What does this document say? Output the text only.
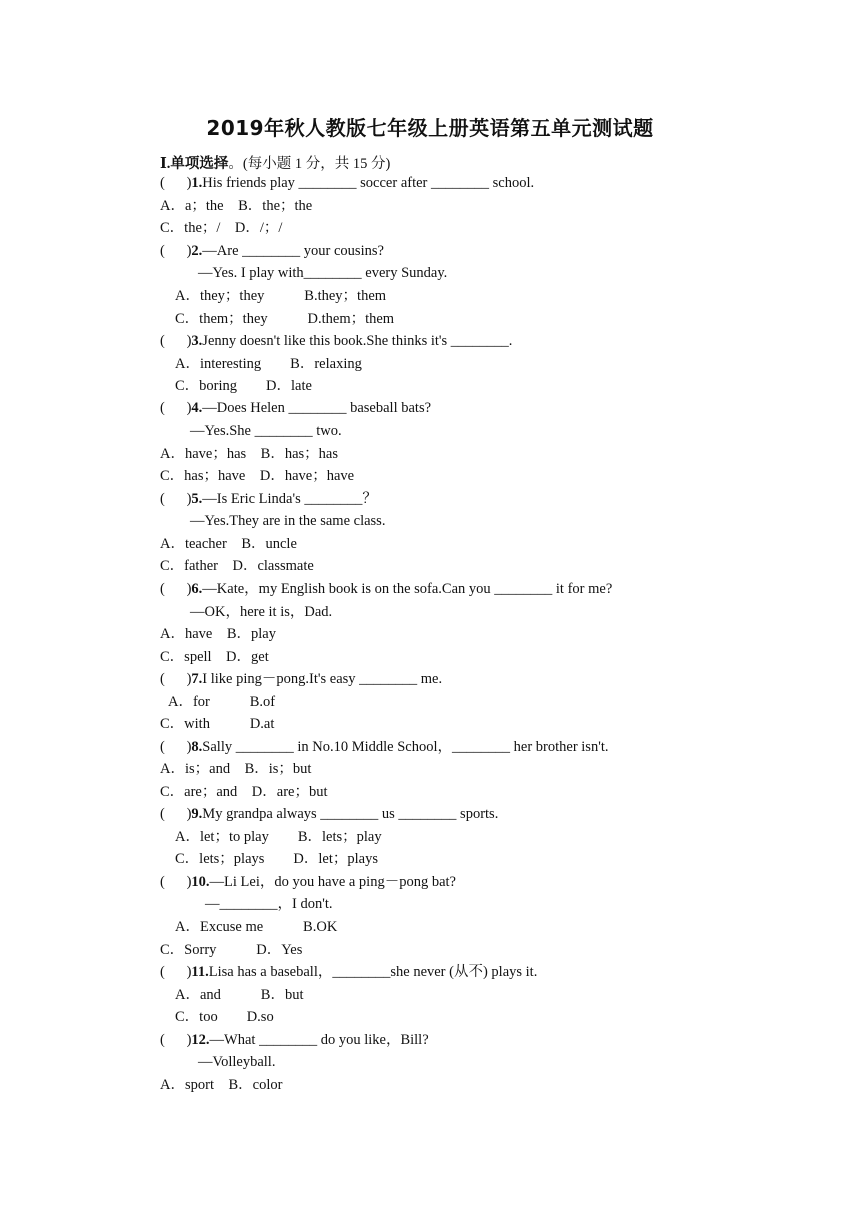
2019年秋人教版七年级上册英语第五单元测试题
Ⅰ.单项选择。(每小题 1 分，共 15 分)
(      )1.His friends play ________ soccer after ________ school.
A．a；the    B．the；the
C．the；/    D．/；/
(      )2.—Are ________ your cousins?
—Yes. I play with________ every Sunday.
A．they；they           B.they；them
C．them；they           D.them；them
(      )3.Jenny doesn't like this book.She thinks it's ________.
A．interesting        B．relaxing
C．boring        D．late
(      )4.—Does Helen ________ baseball bats?
—Yes.She ________ two.
A．have；has    B．has；has
C．has；have    D．have；have
(      )5.—Is Eric Linda's ________？
—Yes.They are in the same class.
A．teacher    B．uncle
C．father    D．classmate
(      )6.—Kate，my English book is on the sofa.Can you ________ it for me?
—OK，here it is，Dad.
A．have    B．play
C．spell    D．get
(      )7.I like ping－pong.It's easy ________ me.
A．for           B.of
C．with           D.at
(      )8.Sally ________ in No.10 Middle School，________ her brother isn't.
A．is；and    B．is；but
C．are；and    D．are；but
(      )9.My grandpa always ________ us ________ sports.
A．let；to play        B．lets；play
C．lets；plays        D．let；plays
(      )10.—Li Lei，do you have a ping－pong bat?
—________，I don't.
A．Excuse me           B.OK
C．Sorry           D．Yes
(      )11.Lisa has a baseball，________she never (从不) plays it.
A．and           B．but
C．too        D.so
(      )12.—What ________ do you like，Bill?
—Volleyball.
A．sport    B．color
